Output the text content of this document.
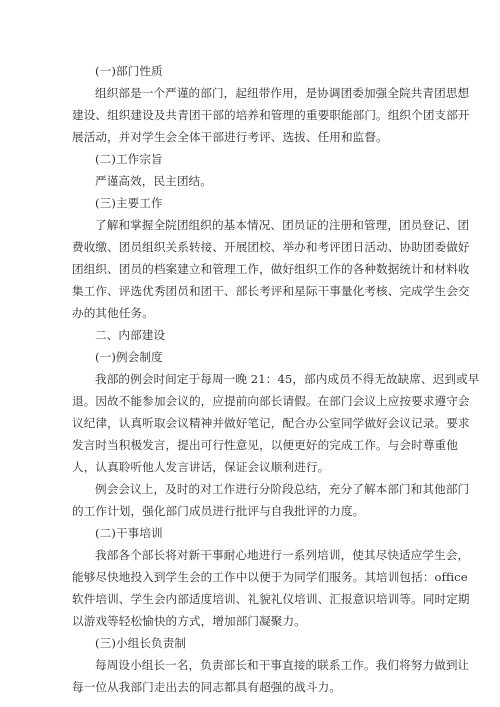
(一)部门性质

组织部是一个严谨的部门，起纽带作用，是协调团委加强全院共青团思想
建设、组织建设及共青团干部的培养和管理的重要职能部门。组织个团支部开
展活动，并对学生会全体干部进行考评、选拔、任用和监督。

(二)工作宗旨

严谨高效，民主团结。

(三)主要工作

了解和掌握全院团组织的基本情况、团员证的注册和管理，团员登记、团
费收缴、团员组织关系转接、开展团校、举办和考评团日活动、协助团委做好
团组织、团员的档案建立和管理工作，做好组织工作的各种数据统计和材料收
集工作、评选优秀团员和团干、部长考评和星际干事量化考核、完成学生会交
办的其他任务。

二、内部建设

(一)例会制度

我部的例会时间定于每周一晚 21：45，部内成员不得无故缺席、迟到或早
退。因故不能参加会议的，应提前向部长请假。在部门会议上应按要求遵守会
议纪律，认真听取会议精神并做好笔记，配合办公室同学做好会议记录。要求
发言时当积极发言，提出可行性意见，以便更好的完成工作。与会时尊重他
人，认真聆听他人发言讲话，保证会议顺利进行。
例会会议上，及时的对工作进行分阶段总结，充分了解本部门和其他部门
的工作计划，强化部门成员进行批评与自我批评的力度。

(二)干事培训

我部各个部长将对新干事耐心地进行一系列培训，使其尽快适应学生会，
能够尽快地投入到学生会的工作中以便于为同学们服务。其培训包括：office
软件培训、学生会内部适度培训、礼貌礼仪培训、汇报意识培训等。同时定期
以游戏等轻松愉快的方式，增加部门凝聚力。

(三)小组长负责制

每周设小组长一名，负责部长和干事直接的联系工作。我们将努力做到让
每一位从我部门走出去的同志都具有超强的战斗力。
